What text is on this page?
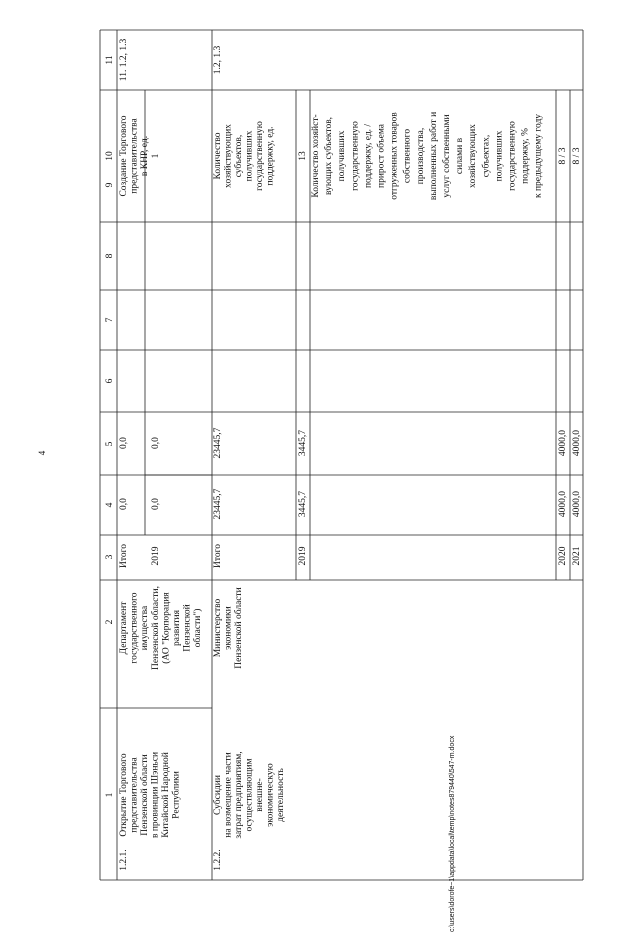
4
c:\users\dorofe~1\appdata\local\temp\notes879440\547-m.docx
1
2
3
4
5
6
7
8
9
10
11
1.2.1.
Открытие Торгового представительства Пензенской области в провинции Шэньси Китайской Народной Республики
Департамент государственного имущества Пензенской области, (АО "Корпорация развития Пензенской области")
Итого
0,0
0,0
2019
0,0
0,0
Создание Торгового представительства в КНР, ед. 1
11. 1.2, 1.3
1.2.2.
Субсидии на возмещение части затрат предприятиям, осуществляющим внешне- экономическую деятельность
Министерство экономики Пензенской области
Итого
23445,7
23445,7
2019
3445,7
3445,7
2020
4000,0
4000,0
2021
4000,0
4000,0
Количество хозяйствующих субъектов, получивших государственную поддержку, ед. 13 Количество хозяйст- вующих субъектов, получивших государственную поддержку, ед. / прирост объема отгруженных товаров собственного производства, выполненных работ и услуг собственными силами в хозяйствующих субъектах, получивших государственную поддержку, % к предыдущему году 8 / 3 8 / 3
1.2, 1.3
